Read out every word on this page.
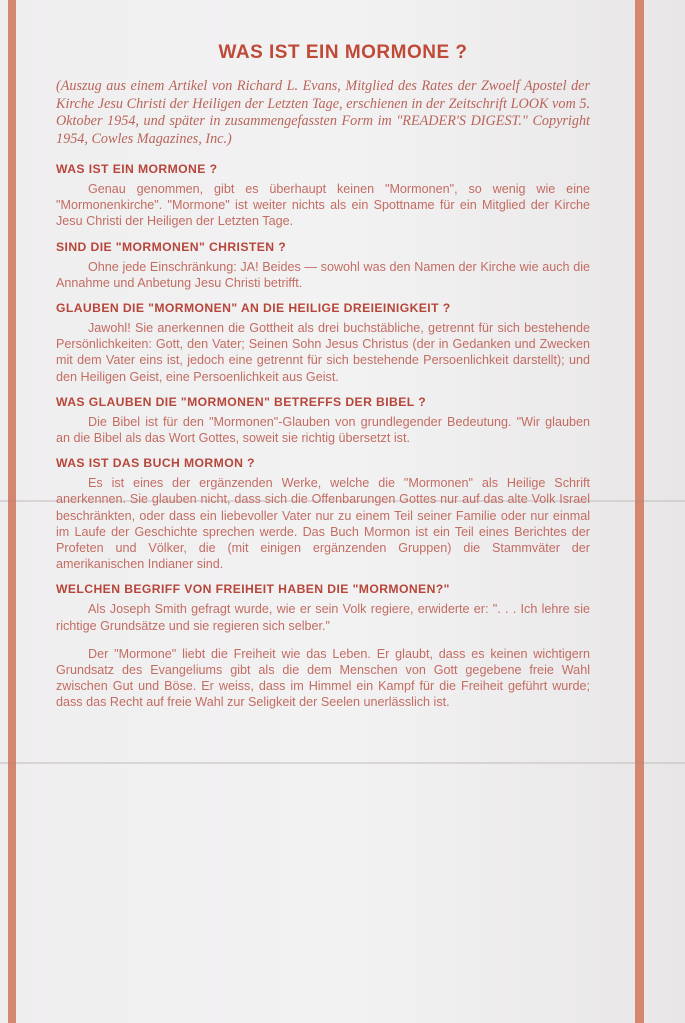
WAS IST EIN MORMONE ?

(Auszug aus einem Artikel von Richard L. Evans, Mitglied des Rates der Zwoelf Apostel der Kirche Jesu Christi der Heiligen der Letzten Tage, erschienen in der Zeitschrift LOOK vom 5. Oktober 1954, und später in zusammengefassten Form im "READER'S DIGEST." Copyright 1954, Cowles Magazines, Inc.)

WAS IST EIN MORMONE ?

Genau genommen, gibt es überhaupt keinen "Mormonen", so wenig wie eine "Mormonenkirche". "Mormone" ist weiter nichts als ein Spottname für ein Mitglied der Kirche Jesu Christi der Heiligen der Letzten Tage.

SIND DIE "MORMONEN" CHRISTEN ?

Ohne jede Einschränkung: JA! Beides — sowohl was den Namen der Kirche wie auch die Annahme und Anbetung Jesu Christi betrifft.

GLAUBEN DIE "MORMONEN" AN DIE HEILIGE DREIEINIGKEIT ?

Jawohl! Sie anerkennen die Gottheit als drei buchstäbliche, getrennt für sich bestehende Persönlichkeiten: Gott, den Vater; Seinen Sohn Jesus Christus (der in Gedanken und Zwecken mit dem Vater eins ist, jedoch eine getrennt für sich bestehende Persoenlichkeit darstellt); und den Heiligen Geist, eine Persoenlichkeit aus Geist.

WAS GLAUBEN DIE "MORMONEN" BETREFFS DER BIBEL ?

Die Bibel ist für den "Mormonen"-Glauben von grundlegender Bedeutung. "Wir glauben an die Bibel als das Wort Gottes, soweit sie richtig übersetzt ist.

WAS IST DAS BUCH MORMON ?

Es ist eines der ergänzenden Werke, welche die "Mormonen" als Heilige Schrift anerkennen. Sie glauben nicht, dass sich die Offenbarungen Gottes nur auf das alte Volk Israel beschränkten, oder dass ein liebevoller Vater nur zu einem Teil seiner Familie oder nur einmal im Laufe der Geschichte sprechen werde. Das Buch Mormon ist ein Teil eines Berichtes der Profeten und Völker, die (mit einigen ergänzenden Gruppen) die Stammväter der amerikanischen Indianer sind.

WELCHEN BEGRIFF VON FREIHEIT HABEN DIE "MORMONEN?"

Als Joseph Smith gefragt wurde, wie er sein Volk regiere, erwiderte er: ". . . Ich lehre sie richtige Grundsätze und sie regieren sich selber."

Der "Mormone" liebt die Freiheit wie das Leben. Er glaubt, dass es keinen wichtigern Grundsatz des Evangeliums gibt als die dem Menschen von Gott gegebene freie Wahl zwischen Gut und Böse. Er weiss, dass im Himmel ein Kampf für die Freiheit geführt wurde; dass das Recht auf freie Wahl zur Seligkeit der Seelen unerlässlich ist.
